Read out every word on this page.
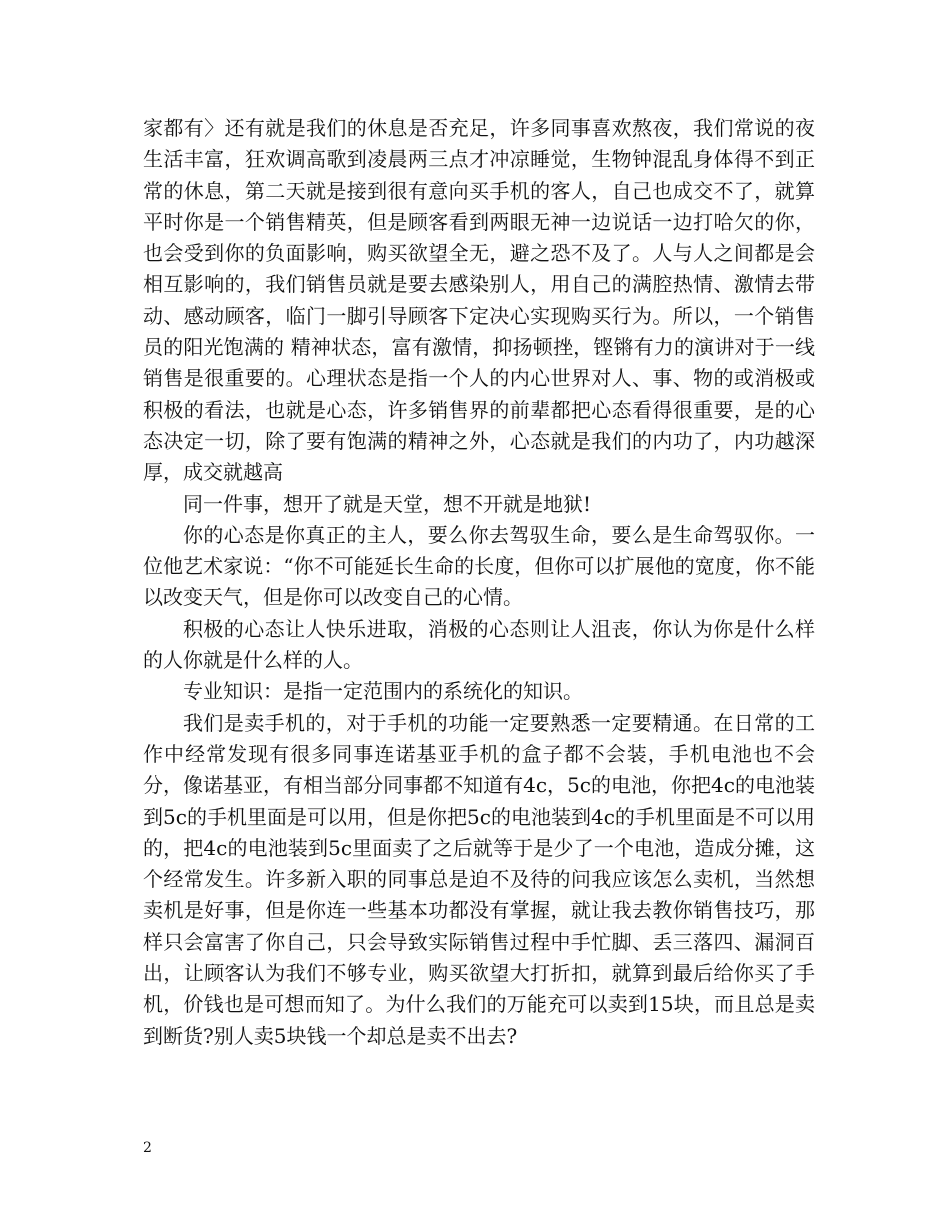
家都有〉还有就是我们的休息是否充足，许多同事喜欢熬夜，我们常说的夜生活丰富，狂欢调高歌到凌晨两三点才冲凉睡觉，生物钟混乱身体得不到正常的休息，第二天就是接到很有意向买手机的客人，自己也成交不了，就算平时你是一个销售精英，但是顾客看到两眼无神一边说话一边打哈欠的你，也会受到你的负面影响，购买欲望全无，避之恐不及了。人与人之间都是会相互影响的，我们销售员就是要去感染别人，用自己的满腔热情、激情去带动、感动顾客，临门一脚引导顾客下定决心实现购买行为。所以，一个销售员的阳光饱满的 精神状态，富有激情，抑扬顿挫，铿锵有力的演讲对于一线销售是很重要的。心理状态是指一个人的内心世界对人、事、物的或消极或积极的看法，也就是心态，许多销售界的前辈都把心态看得很重要，是的心态决定一切，除了要有饱满的精神之外，心态就是我们的内功了，内功越深厚，成交就越高

同一件事，想开了就是天堂，想不开就是地狱!

你的心态是你真正的主人，要么你去驾驭生命，要么是生命驾驭你。一位他艺术家说：“你不可能延长生命的长度，但你可以扩展他的宽度，你不能以改变天气，但是你可以改变自己的心情。

积极的心态让人快乐进取，消极的心态则让人沮丧，你认为你是什么样的人你就是什么样的人。

专业知识：是指一定范围内的系统化的知识。

我们是卖手机的，对于手机的功能一定要熟悉一定要精通。在日常的工作中经常发现有很多同事连诺基亚手机的盒子都不会装，手机电池也不会分，像诺基亚，有相当部分同事都不知道有4c，5c的电池，你把4c的电池装到5c的手机里面是可以用，但是你把5c的电池装到4c的手机里面是不可以用的，把4c的电池装到5c里面卖了之后就等于是少了一个电池，造成分摊，这个经常发生。许多新入职的同事总是迫不及待的问我应该怎么卖机，当然想卖机是好事，但是你连一些基本功都没有掌握，就让我去教你销售技巧，那样只会富害了你自己，只会导致实际销售过程中手忙脚、丢三落四、漏洞百出，让顾客认为我们不够专业，购买欲望大打折扣，就算到最后给你买了手机，价钱也是可想而知了。为什么我们的万能充可以卖到15块，而且总是卖到断货?别人卖5块钱一个却总是卖不出去?

2
